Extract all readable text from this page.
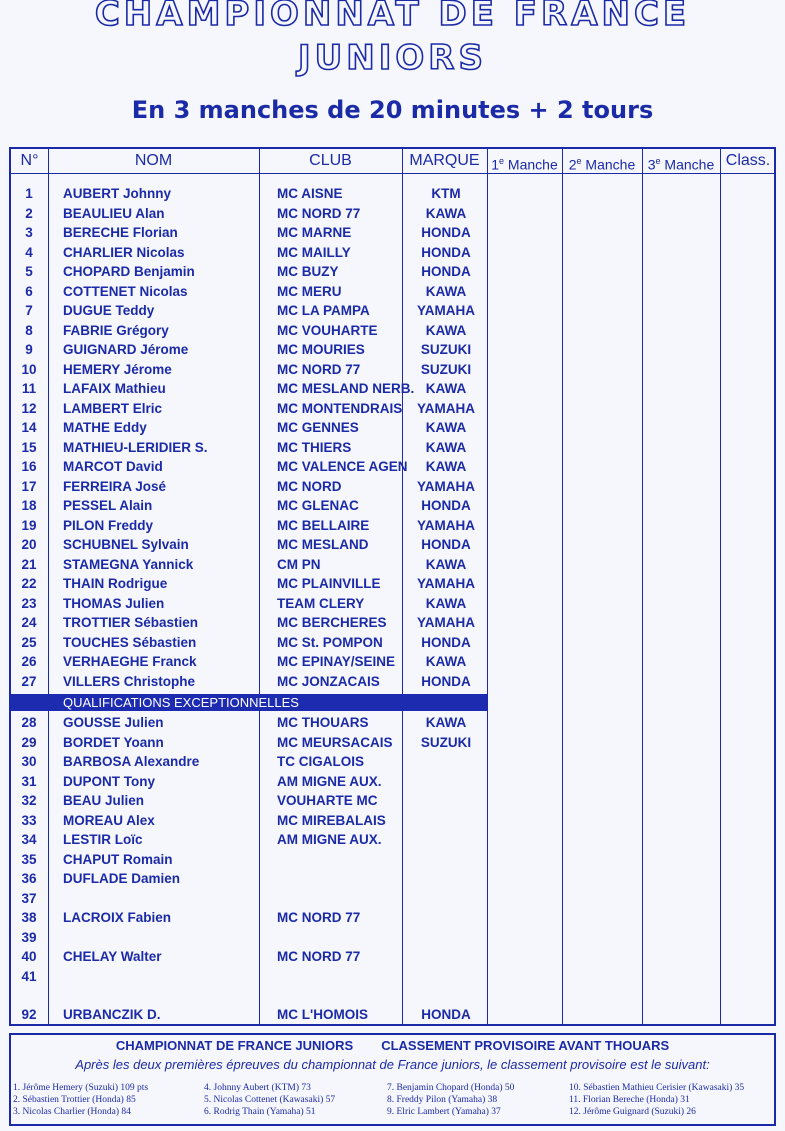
CHAMPIONNAT DE FRANCE
JUNIORS
En 3 manches de 20 minutes + 2 tours
N°	NOM	CLUB	MARQUE 1e Manche 2e Manche 3e Manche Class.
1	AUBERT Johnny	MC AISNE	KTM
2	BEAULIEU Alan	MC NORD 77	KAWA
3	BERECHE Florian	MC MARNE	HONDA
4	CHARLIER Nicolas	MC MAILLY	HONDA
5	CHOPARD Benjamin	MC BUZY	HONDA
6	COTTENET Nicolas	MC MERU	KAWA
7	DUGUE Teddy	MC LA PAMPA	YAMAHA
8	FABRIE Grégory	MC VOUHARTE	KAWA
9	GUIGNARD Jérome	MC MOURIES	SUZUKI
10	HEMERY Jérome	MC NORD 77	SUZUKI
11	LAFAIX Mathieu	MC MESLAND NERB. KAWA
12	LAMBERT Elric	MC MONTENDRAIS	YAMAHA
14	MATHE Eddy	MC GENNES	KAWA
15	MATHIEU-LERIDIER S.	MC THIERS	KAWA
16	MARCOT David	MC VALENCE AGEN	KAWA
17	FERREIRA José	MC NORD	YAMAHA
18	PESSEL Alain	MC GLENAC	HONDA
19	PILON Freddy	MC BELLAIRE	YAMAHA
20	SCHUBNEL Sylvain	MC MESLAND	HONDA
21	STAMEGNA Yannick	CM PN	KAWA
22	THAIN Rodrigue	MC PLAINVILLE	YAMAHA
23	THOMAS Julien	TEAM CLERY	KAWA
24	TROTTIER Sébastien	MC BERCHERES	YAMAHA
25	TOUCHES Sébastien	MC St. POMPON	HONDA
26	VERHAEGHE Franck	MC EPINAY/SEINE	KAWA
27	VILLERS Christophe	MC JONZACAIS	HONDA
QUALIFICATIONS EXCEPTIONNELLES
28	GOUSSE Julien	MC THOUARS	KAWA
29	BORDET Yoann	MC MEURSACAIS	SUZUKI
30	BARBOSA Alexandre	TC CIGALOIS
31	DUPONT Tony	AM MIGNE AUX.
32	BEAU Julien	VOUHARTE MC
33	MOREAU Alex	MC MIREBALAIS
34	LESTIR Loïc	AM MIGNE AUX.
35	CHAPUT Romain
36	DUFLADE Damien
37
38	LACROIX Fabien	MC NORD 77
39
40	CHELAY Walter	MC NORD 77
41
92	URBANCZIK D.	MC L'HOMOIS	HONDA
CHAMPIONNAT DE FRANCE JUNIORS CLASSEMENT PROVISOIRE AVANT THOUARS
Après les deux premières épreuves du championnat de France juniors, le classement provisoire est le suivant:
1. Jérôme Hemery (Suzuki) 109 pts
2. Sébastien Trottier (Honda) 85
3. Nicolas Charlier (Honda) 84
4. Johnny Aubert (KTM) 73
5. Nicolas Cottenet (Kawasaki) 57
6. Rodrig Thain (Yamaha) 51
7. Benjamin Chopard (Honda) 50
8. Freddy Pilon (Yamaha) 38
9. Elric Lambert (Yamaha) 37
10. Sébastien Mathieu Cerisier (Kawasaki) 35
11. Florian Bereche (Honda) 31
12. Jérôme Guignard (Suzuki) 26
